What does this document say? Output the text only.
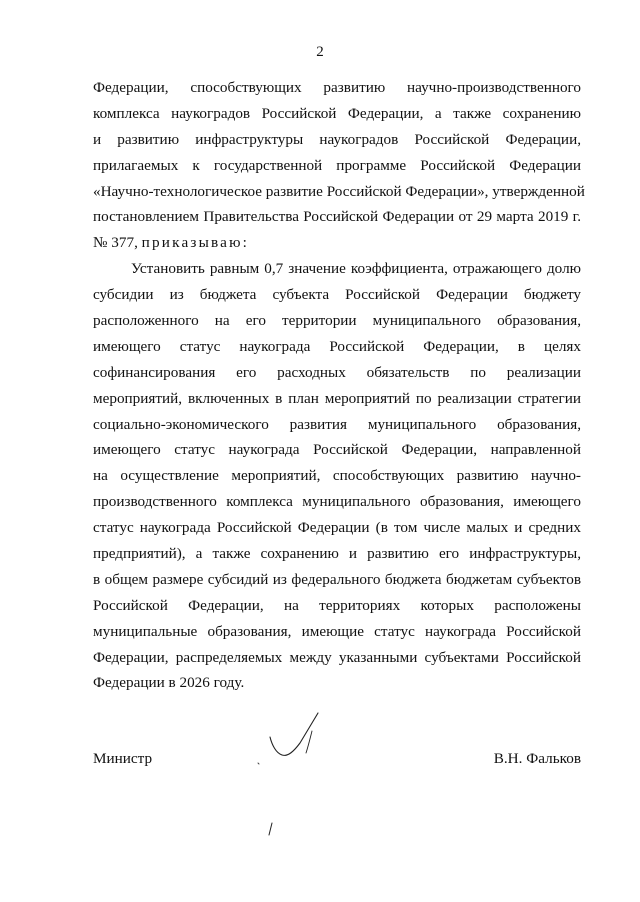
2
Федерации, способствующих развитию научно-производственного
комплекса наукоградов Российской Федерации, а также сохранению
и развитию инфраструктуры наукоградов Российской Федерации,
прилагаемых к государственной программе Российской Федерации
«Научно-технологическое развитие Российской Федерации», утвержденной
постановлением Правительства Российской Федерации от 29 марта 2019 г.
№ 377, приказываю:
Установить равным 0,7 значение коэффициента, отражающего долю
субсидии из бюджета субъекта Российской Федерации бюджету
расположенного на его территории муниципального образования,
имеющего статус наукограда Российской Федерации, в целях
софинансирования его расходных обязательств по реализации
мероприятий, включенных в план мероприятий по реализации стратегии
социально-экономического развития муниципального образования,
имеющего статус наукограда Российской Федерации, направленной
на осуществление мероприятий, способствующих развитию научно-
производственного комплекса муниципального образования, имеющего
статус наукограда Российской Федерации (в том числе малых и средних
предприятий), а также сохранению и развитию его инфраструктуры,
в общем размере субсидий из федерального бюджета бюджетам субъектов
Российской Федерации, на территориях которых расположены
муниципальные образования, имеющие статус наукограда Российской
Федерации, распределяемых между указанными субъектами Российской
Федерации в 2026 году.
Министр	В.Н. Фальков
